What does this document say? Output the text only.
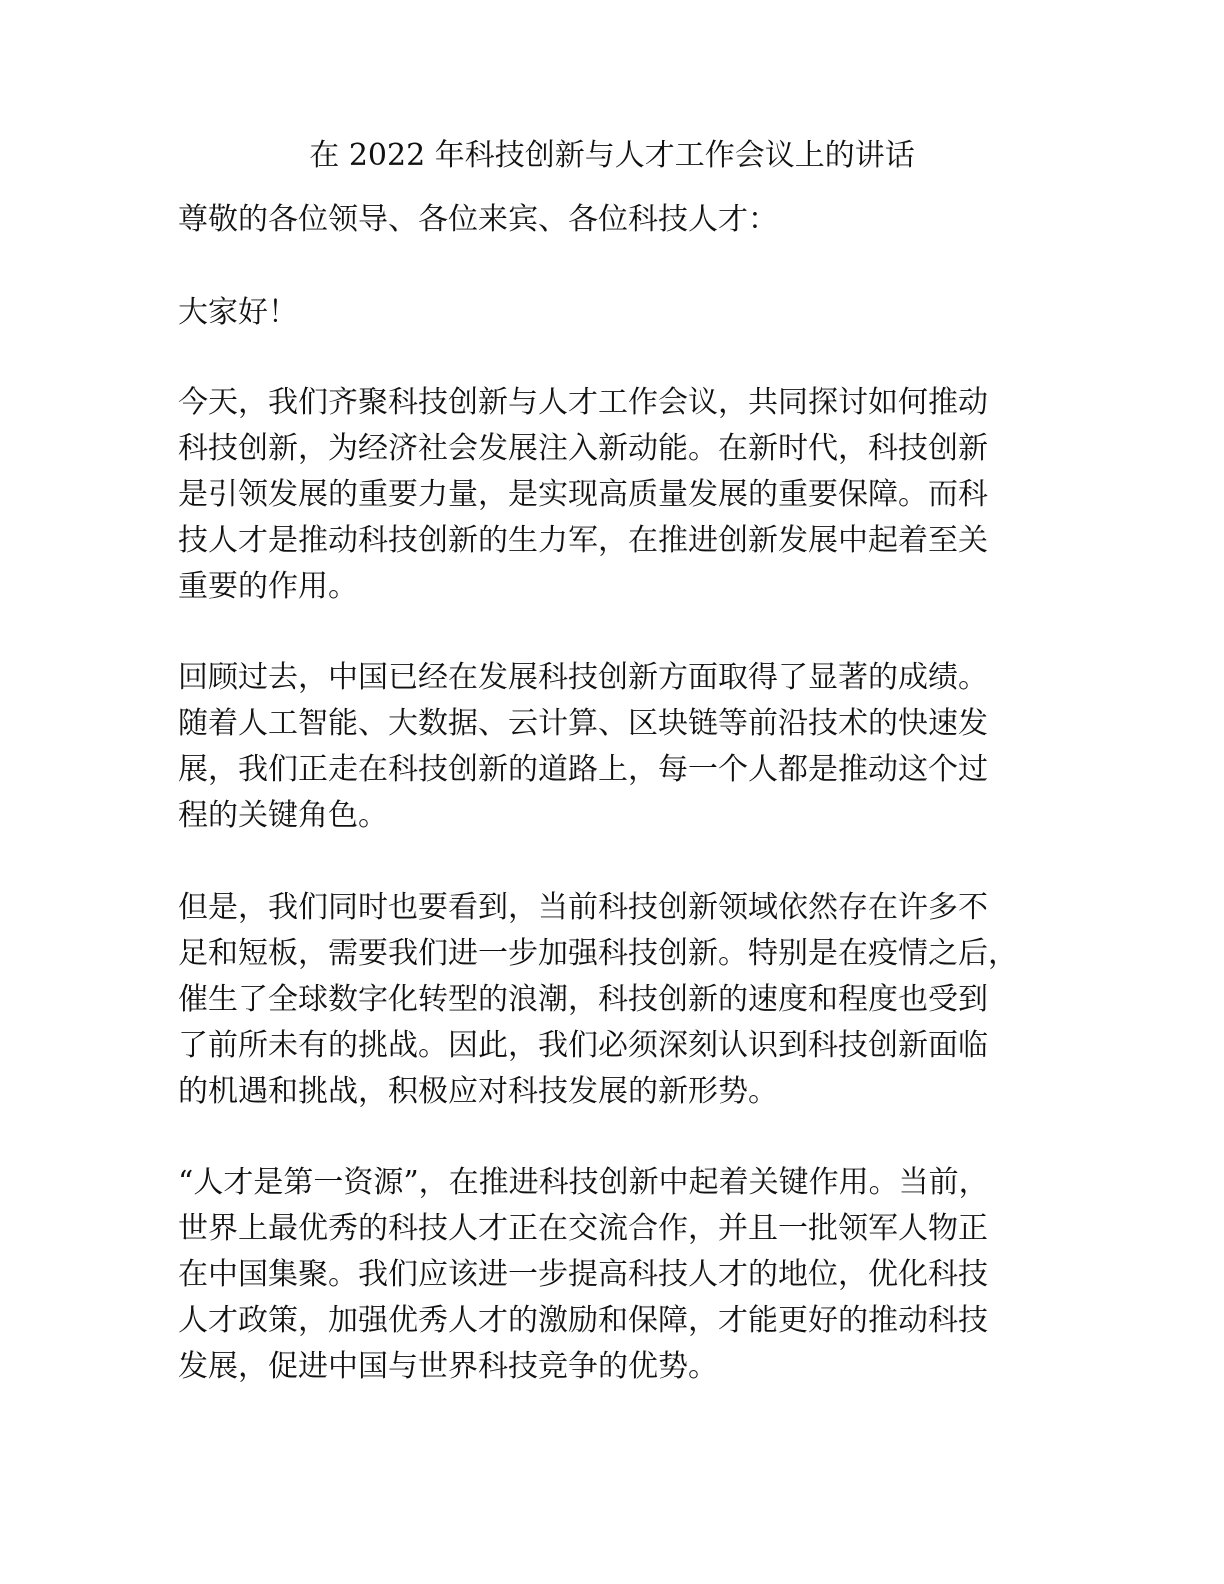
在 2022 年科技创新与人才工作会议上的讲话

尊敬的各位领导、各位来宾、各位科技人才：

大家好！

今天，我们齐聚科技创新与人才工作会议，共同探讨如何推动
科技创新，为经济社会发展注入新动能。在新时代，科技创新
是引领发展的重要力量，是实现高质量发展的重要保障。而科
技人才是推动科技创新的生力军，在推进创新发展中起着至关
重要的作用。

回顾过去，中国已经在发展科技创新方面取得了显著的成绩。
随着人工智能、大数据、云计算、区块链等前沿技术的快速发
展，我们正走在科技创新的道路上，每一个人都是推动这个过
程的关键角色。

但是，我们同时也要看到，当前科技创新领域依然存在许多不
足和短板，需要我们进一步加强科技创新。特别是在疫情之后，
催生了全球数字化转型的浪潮，科技创新的速度和程度也受到
了前所未有的挑战。因此，我们必须深刻认识到科技创新面临
的机遇和挑战，积极应对科技发展的新形势。

“人才是第一资源”，在推进科技创新中起着关键作用。当前，
世界上最优秀的科技人才正在交流合作，并且一批领军人物正
在中国集聚。我们应该进一步提高科技人才的地位，优化科技
人才政策，加强优秀人才的激励和保障，才能更好的推动科技
发展，促进中国与世界科技竞争的优势。
